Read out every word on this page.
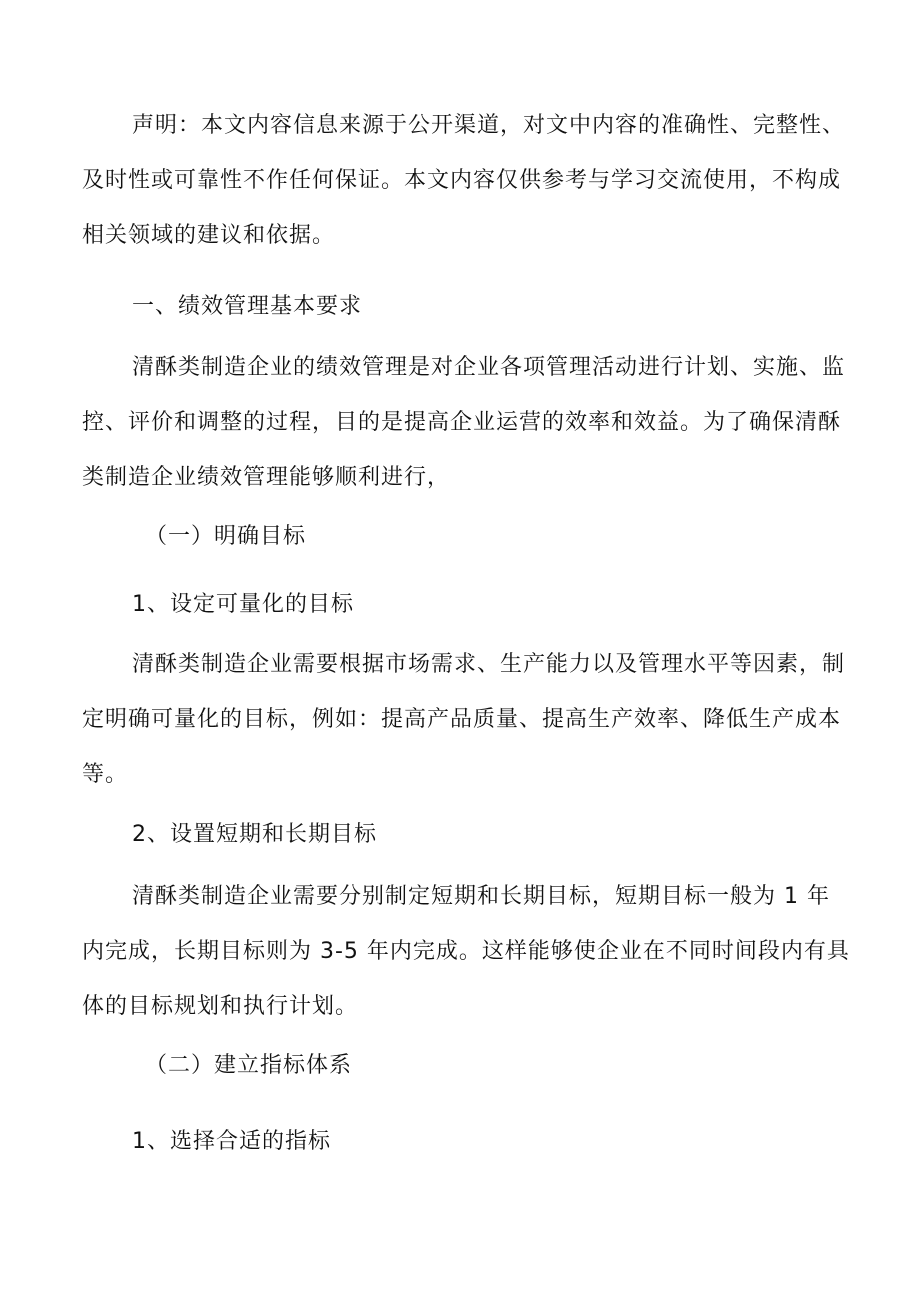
声明：本文内容信息来源于公开渠道，对文中内容的准确性、完整性、及时性或可靠性不作任何保证。本文内容仅供参考与学习交流使用，不构成相关领域的建议和依据。

一、绩效管理基本要求

清酥类制造企业的绩效管理是对企业各项管理活动进行计划、实施、监控、评价和调整的过程，目的是提高企业运营的效率和效益。为了确保清酥类制造企业绩效管理能够顺利进行，

（一）明确目标
1、设定可量化的目标

清酥类制造企业需要根据市场需求、生产能力以及管理水平等因素，制定明确可量化的目标，例如：提高产品质量、提高生产效率、降低生产成本等。

2、设置短期和长期目标

清酥类制造企业需要分别制定短期和长期目标，短期目标一般为 1 年内完成，长期目标则为 3-5 年内完成。这样能够使企业在不同时间段内有具体的目标规划和执行计划。

（二）建立指标体系
1、选择合适的指标
